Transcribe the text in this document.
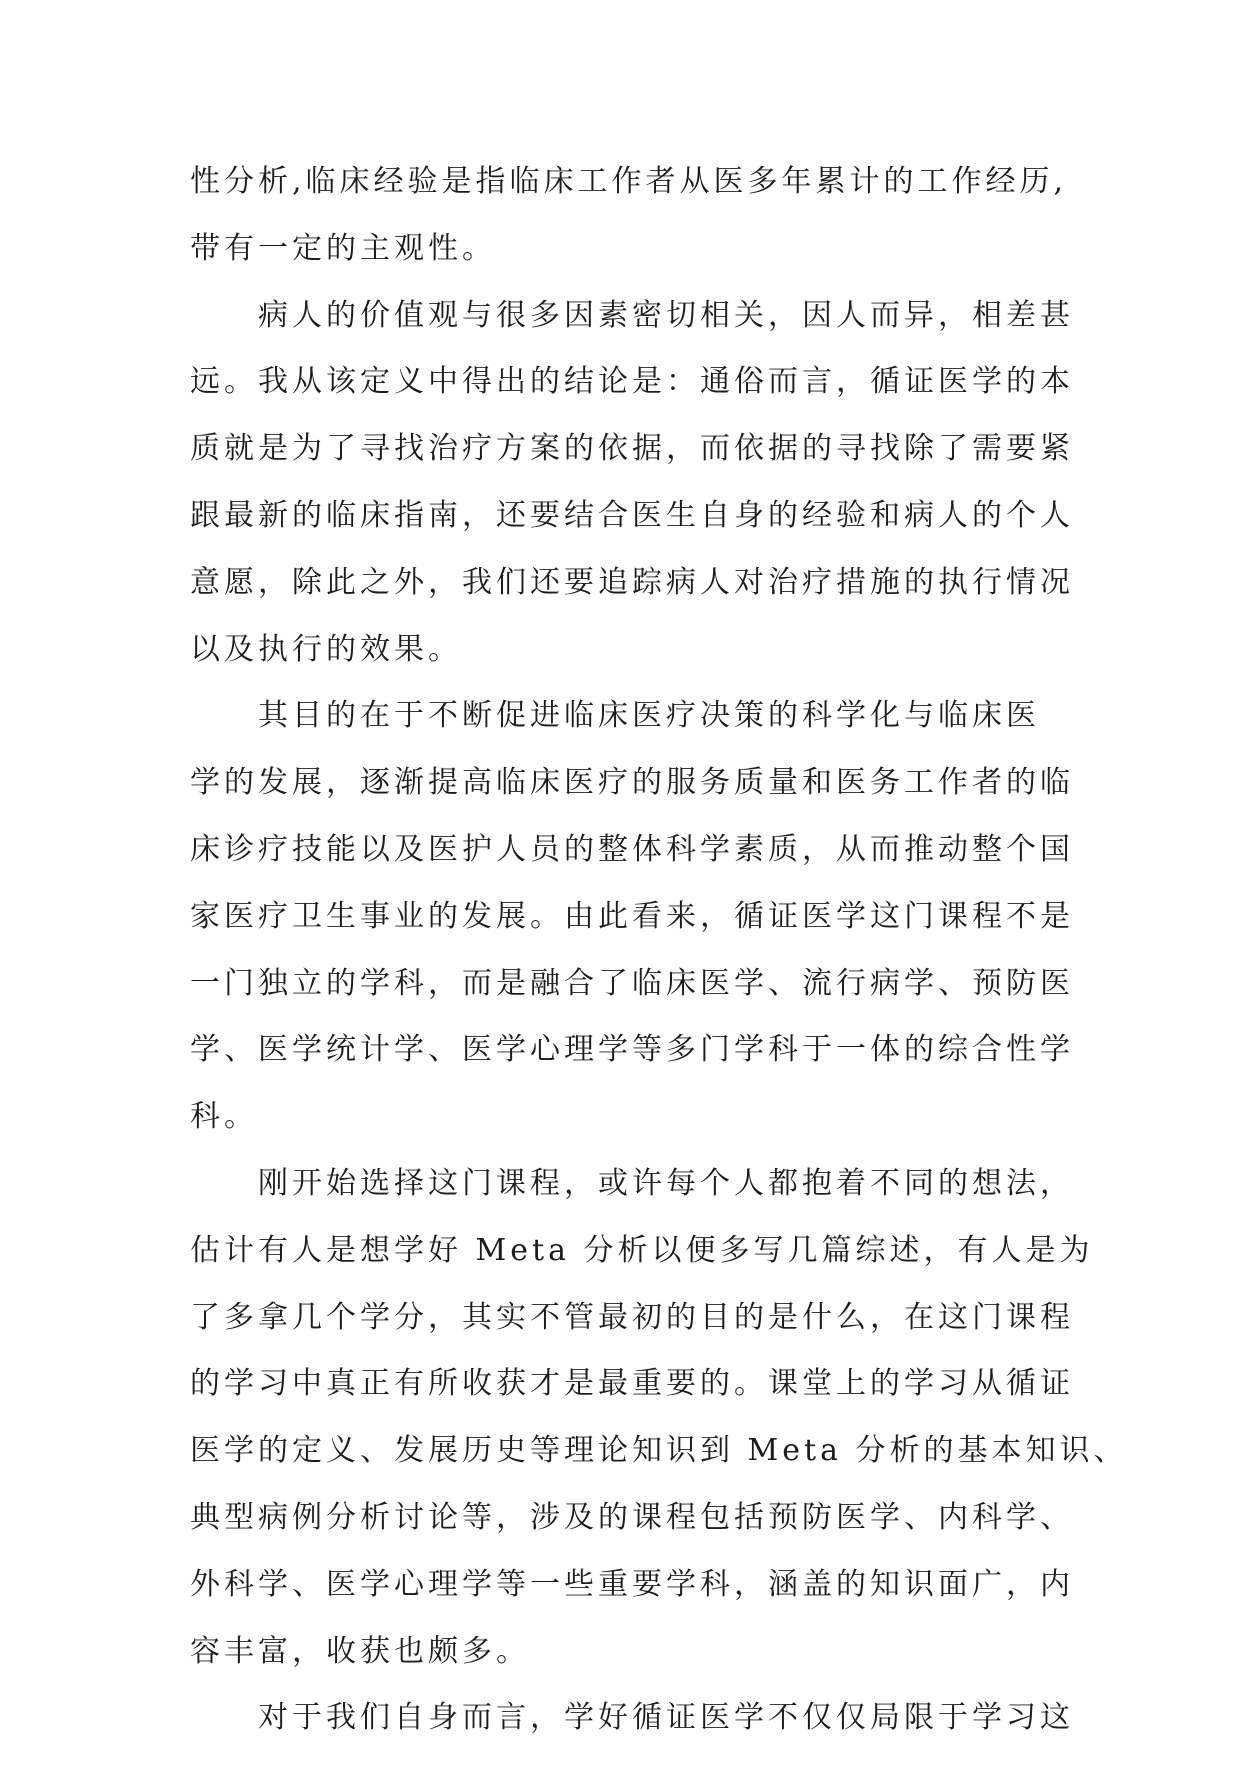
性分析,临床经验是指临床工作者从医多年累计的工作经历,
带有一定的主观性。
病人的价值观与很多因素密切相关，因人而异，相差甚
远。我从该定义中得出的结论是：通俗而言，循证医学的本
质就是为了寻找治疗方案的依据，而依据的寻找除了需要紧
跟最新的临床指南，还要结合医生自身的经验和病人的个人
意愿，除此之外，我们还要追踪病人对治疗措施的执行情况
以及执行的效果。
其目的在于不断促进临床医疗决策的科学化与临床医
学的发展，逐渐提高临床医疗的服务质量和医务工作者的临
床诊疗技能以及医护人员的整体科学素质，从而推动整个国
家医疗卫生事业的发展。由此看来，循证医学这门课程不是
一门独立的学科，而是融合了临床医学、流行病学、预防医
学、医学统计学、医学心理学等多门学科于一体的综合性学
科。
刚开始选择这门课程，或许每个人都抱着不同的想法，
估计有人是想学好 Meta 分析以便多写几篇综述，有人是为
了多拿几个学分，其实不管最初的目的是什么，在这门课程
的学习中真正有所收获才是最重要的。课堂上的学习从循证
医学的定义、发展历史等理论知识到 Meta 分析的基本知识、
典型病例分析讨论等，涉及的课程包括预防医学、内科学、
外科学、医学心理学等一些重要学科，涵盖的知识面广，内
容丰富，收获也颇多。
对于我们自身而言，学好循证医学不仅仅局限于学习这
